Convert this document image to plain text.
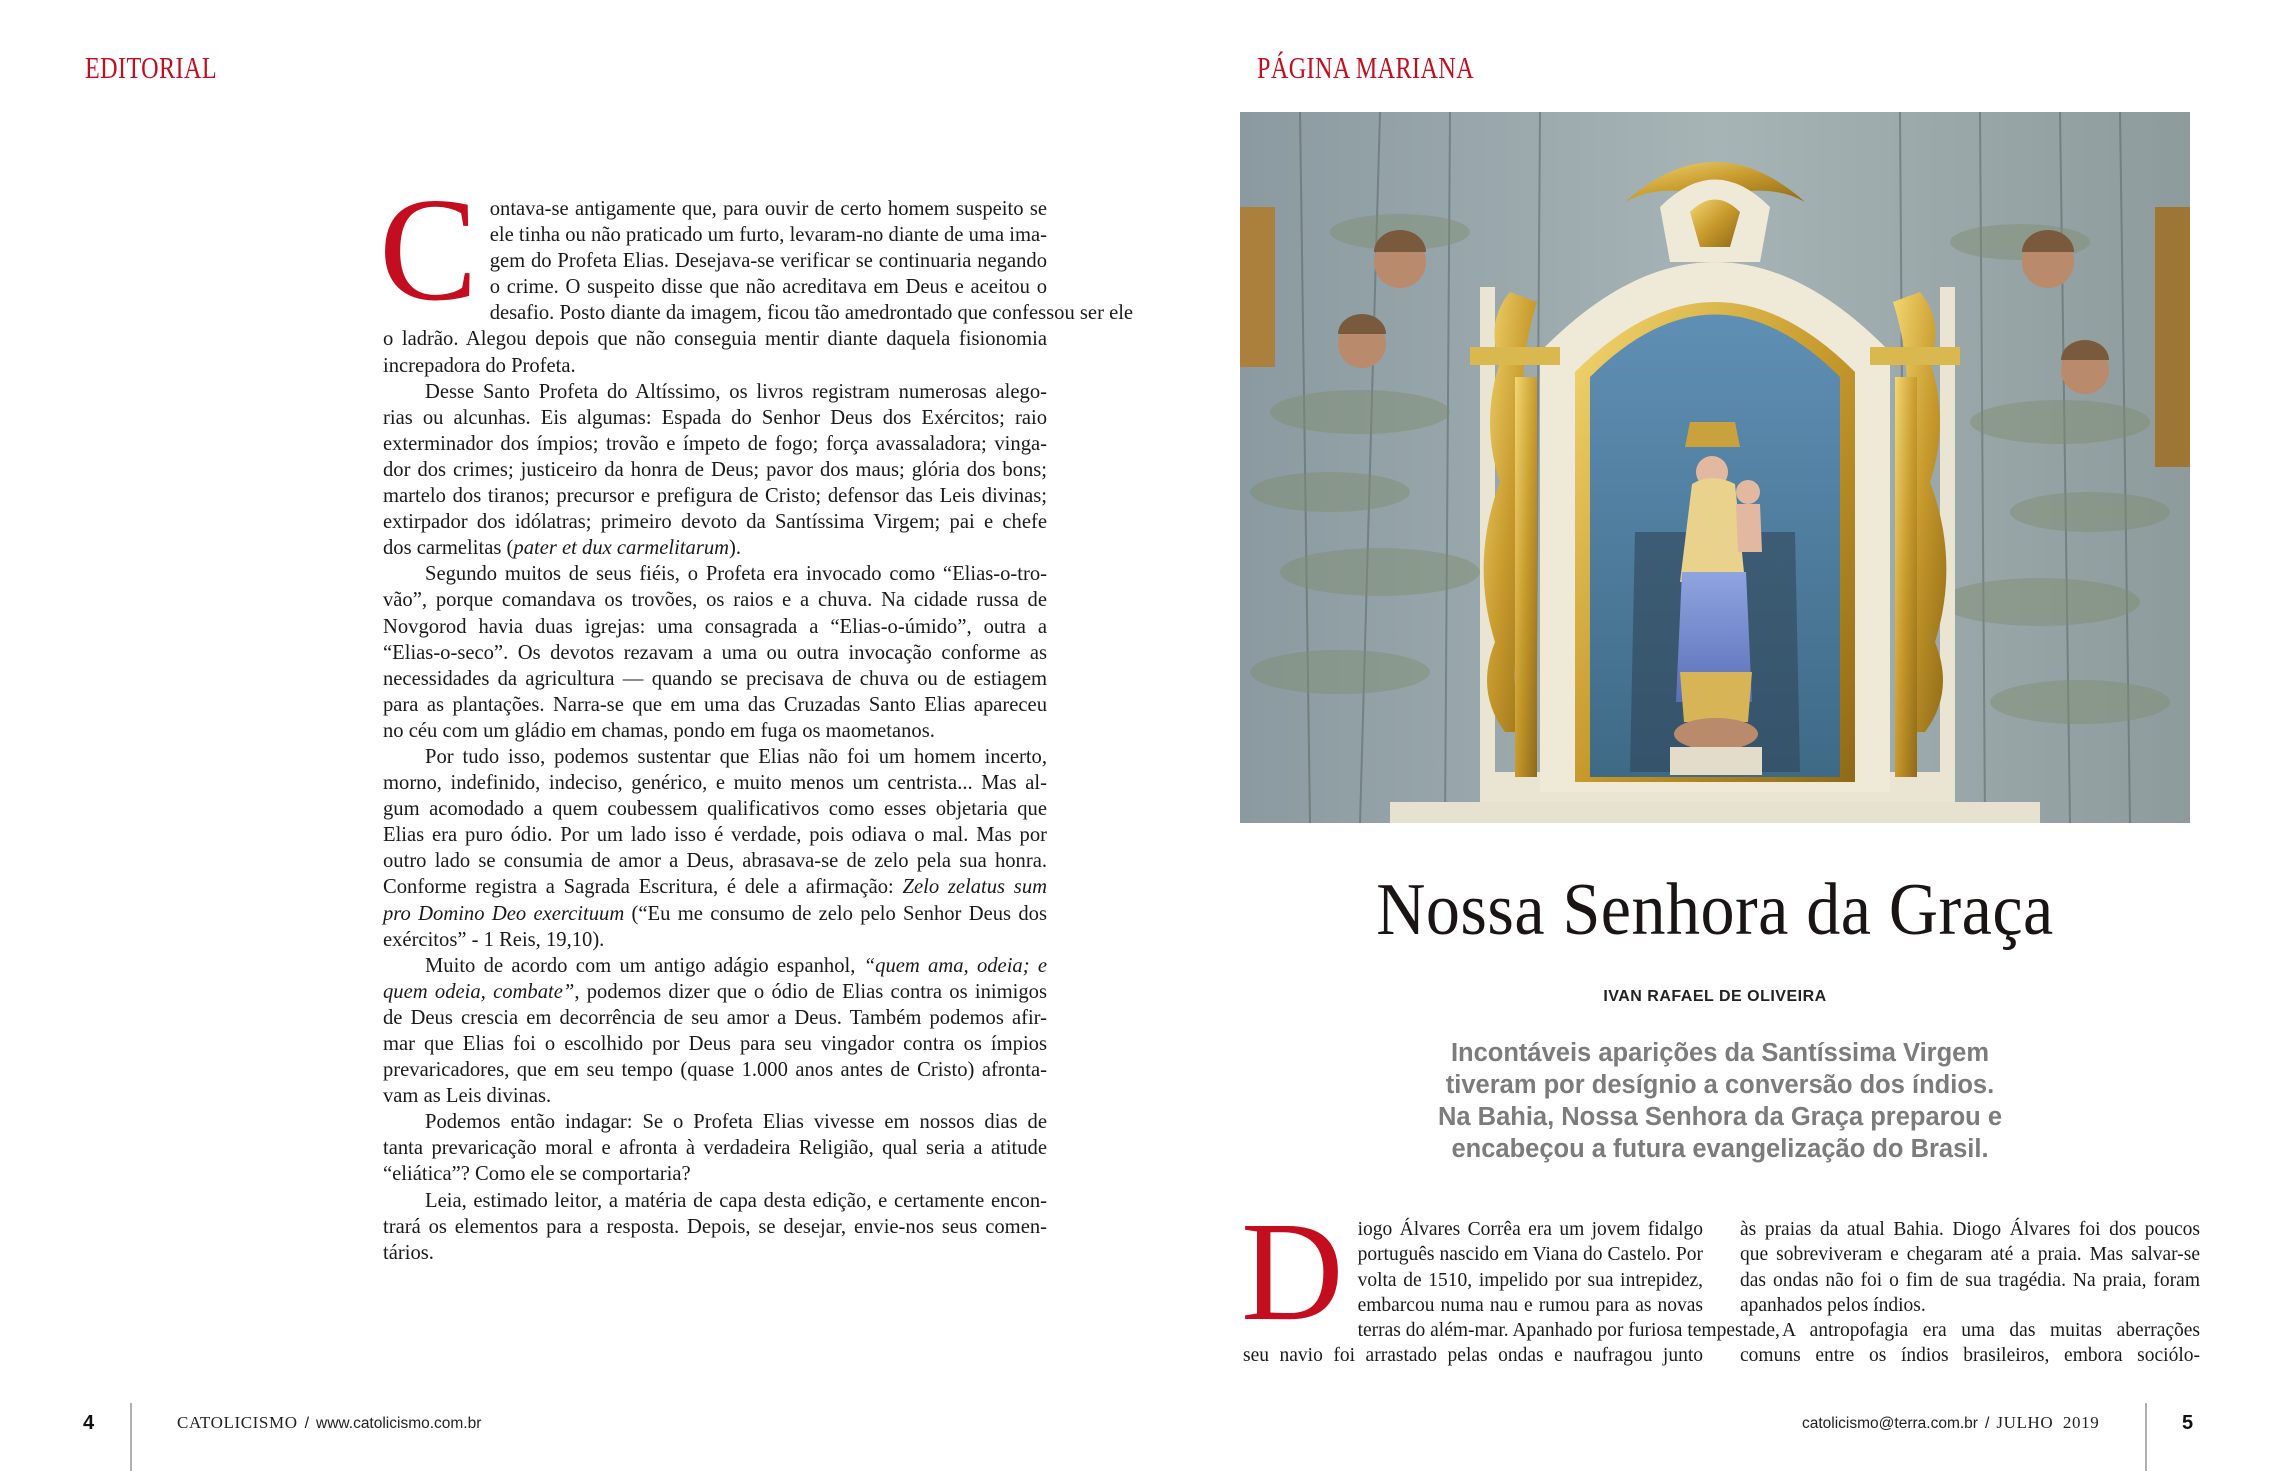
EDITORIAL

C ontava-se antigamente que, para ouvir de certo homem suspeito se
ele tinha ou não praticado um furto, levaram-no diante de uma ima-
gem do Profeta Elias. Desejava-se verificar se continuaria negando
o crime. O suspeito disse que não acreditava em Deus e aceitou o
desafio. Posto diante da imagem, ficou tão amedrontado que confessou ser ele
o ladrão. Alegou depois que não conseguia mentir diante daquela fisionomia
increpadora do Profeta.

Desse Santo Profeta do Altíssimo, os livros registram numerosas alego-
rias ou alcunhas. Eis algumas: Espada do Senhor Deus dos Exércitos; raio
exterminador dos ímpios; trovão e ímpeto de fogo; força avassaladora; vinga-
dor dos crimes; justiceiro da honra de Deus; pavor dos maus; glória dos bons;
martelo dos tiranos; precursor e prefigura de Cristo; defensor das Leis divinas;
extirpador dos idólatras; primeiro devoto da Santíssima Virgem; pai e chefe
dos carmelitas (pater et dux carmelitarum).

Segundo muitos de seus fiéis, o Profeta era invocado como “Elias-o-tro-
vão”, porque comandava os trovões, os raios e a chuva. Na cidade russa de
Novgorod havia duas igrejas: uma consagrada a “Elias-o-úmido”, outra a
“Elias-o-seco”. Os devotos rezavam a uma ou outra invocação conforme as
necessidades da agricultura — quando se precisava de chuva ou de estiagem
para as plantações. Narra-se que em uma das Cruzadas Santo Elias apareceu
no céu com um gládio em chamas, pondo em fuga os maometanos.

Por tudo isso, podemos sustentar que Elias não foi um homem incerto,
morno, indefinido, indeciso, genérico, e muito menos um centrista... Mas al-
gum acomodado a quem coubessem qualificativos como esses objetaria que
Elias era puro ódio. Por um lado isso é verdade, pois odiava o mal. Mas por
outro lado se consumia de amor a Deus, abrasava-se de zelo pela sua honra.
Conforme registra a Sagrada Escritura, é dele a afirmação: Zelo zelatus sum
pro Domino Deo exercituum (“Eu me consumo de zelo pelo Senhor Deus dos
exércitos” - 1 Reis, 19,10).

Muito de acordo com um antigo adágio espanhol, “quem ama, odeia; e
quem odeia, combate”, podemos dizer que o ódio de Elias contra os inimigos
de Deus crescia em decorrência de seu amor a Deus. Também podemos afir-
mar que Elias foi o escolhido por Deus para seu vingador contra os ímpios
prevaricadores, que em seu tempo (quase 1.000 anos antes de Cristo) afronta-
vam as Leis divinas.

Podemos então indagar: Se o Profeta Elias vivesse em nossos dias de
tanta prevaricação moral e afronta à verdadeira Religião, qual seria a atitude
“eliática”? Como ele se comportaria?

Leia, estimado leitor, a matéria de capa desta edição, e certamente encon-
trará os elementos para a resposta. Depois, se desejar, envie-nos seus comen-
tários.

4	CATOLICISMO / www.catolicismo.com.br
PÁGINA MARIANA
Nossa Senhora da Graça
IVAN RAFAEL DE OLIVEIRA
Incontáveis aparições da Santíssima Virgem
tiveram por desígnio a conversão dos índios.
Na Bahia, Nossa Senhora da Graça preparou e
encabeçou a futura evangelização do Brasil.
D iogo Álvares Corrêa era um jovem fidalgo
português nascido em Viana do Castelo. Por
volta de 1510, impelido por sua intrepidez,
embarcou numa nau e rumou para as novas
terras do além-mar. Apanhado por furiosa tempestade,
seu navio foi arrastado pelas ondas e naufragou junto
às praias da atual Bahia. Diogo Álvares foi dos poucos
que sobreviveram e chegaram até a praia. Mas salvar-se
das ondas não foi o fim de sua tragédia. Na praia, foram
apanhados pelos índios.
A antropofagia era uma das muitas aberrações
comuns entre os índios brasileiros, embora sociólo-
catolicismo@terra.com.br / JULHO  2019	5
